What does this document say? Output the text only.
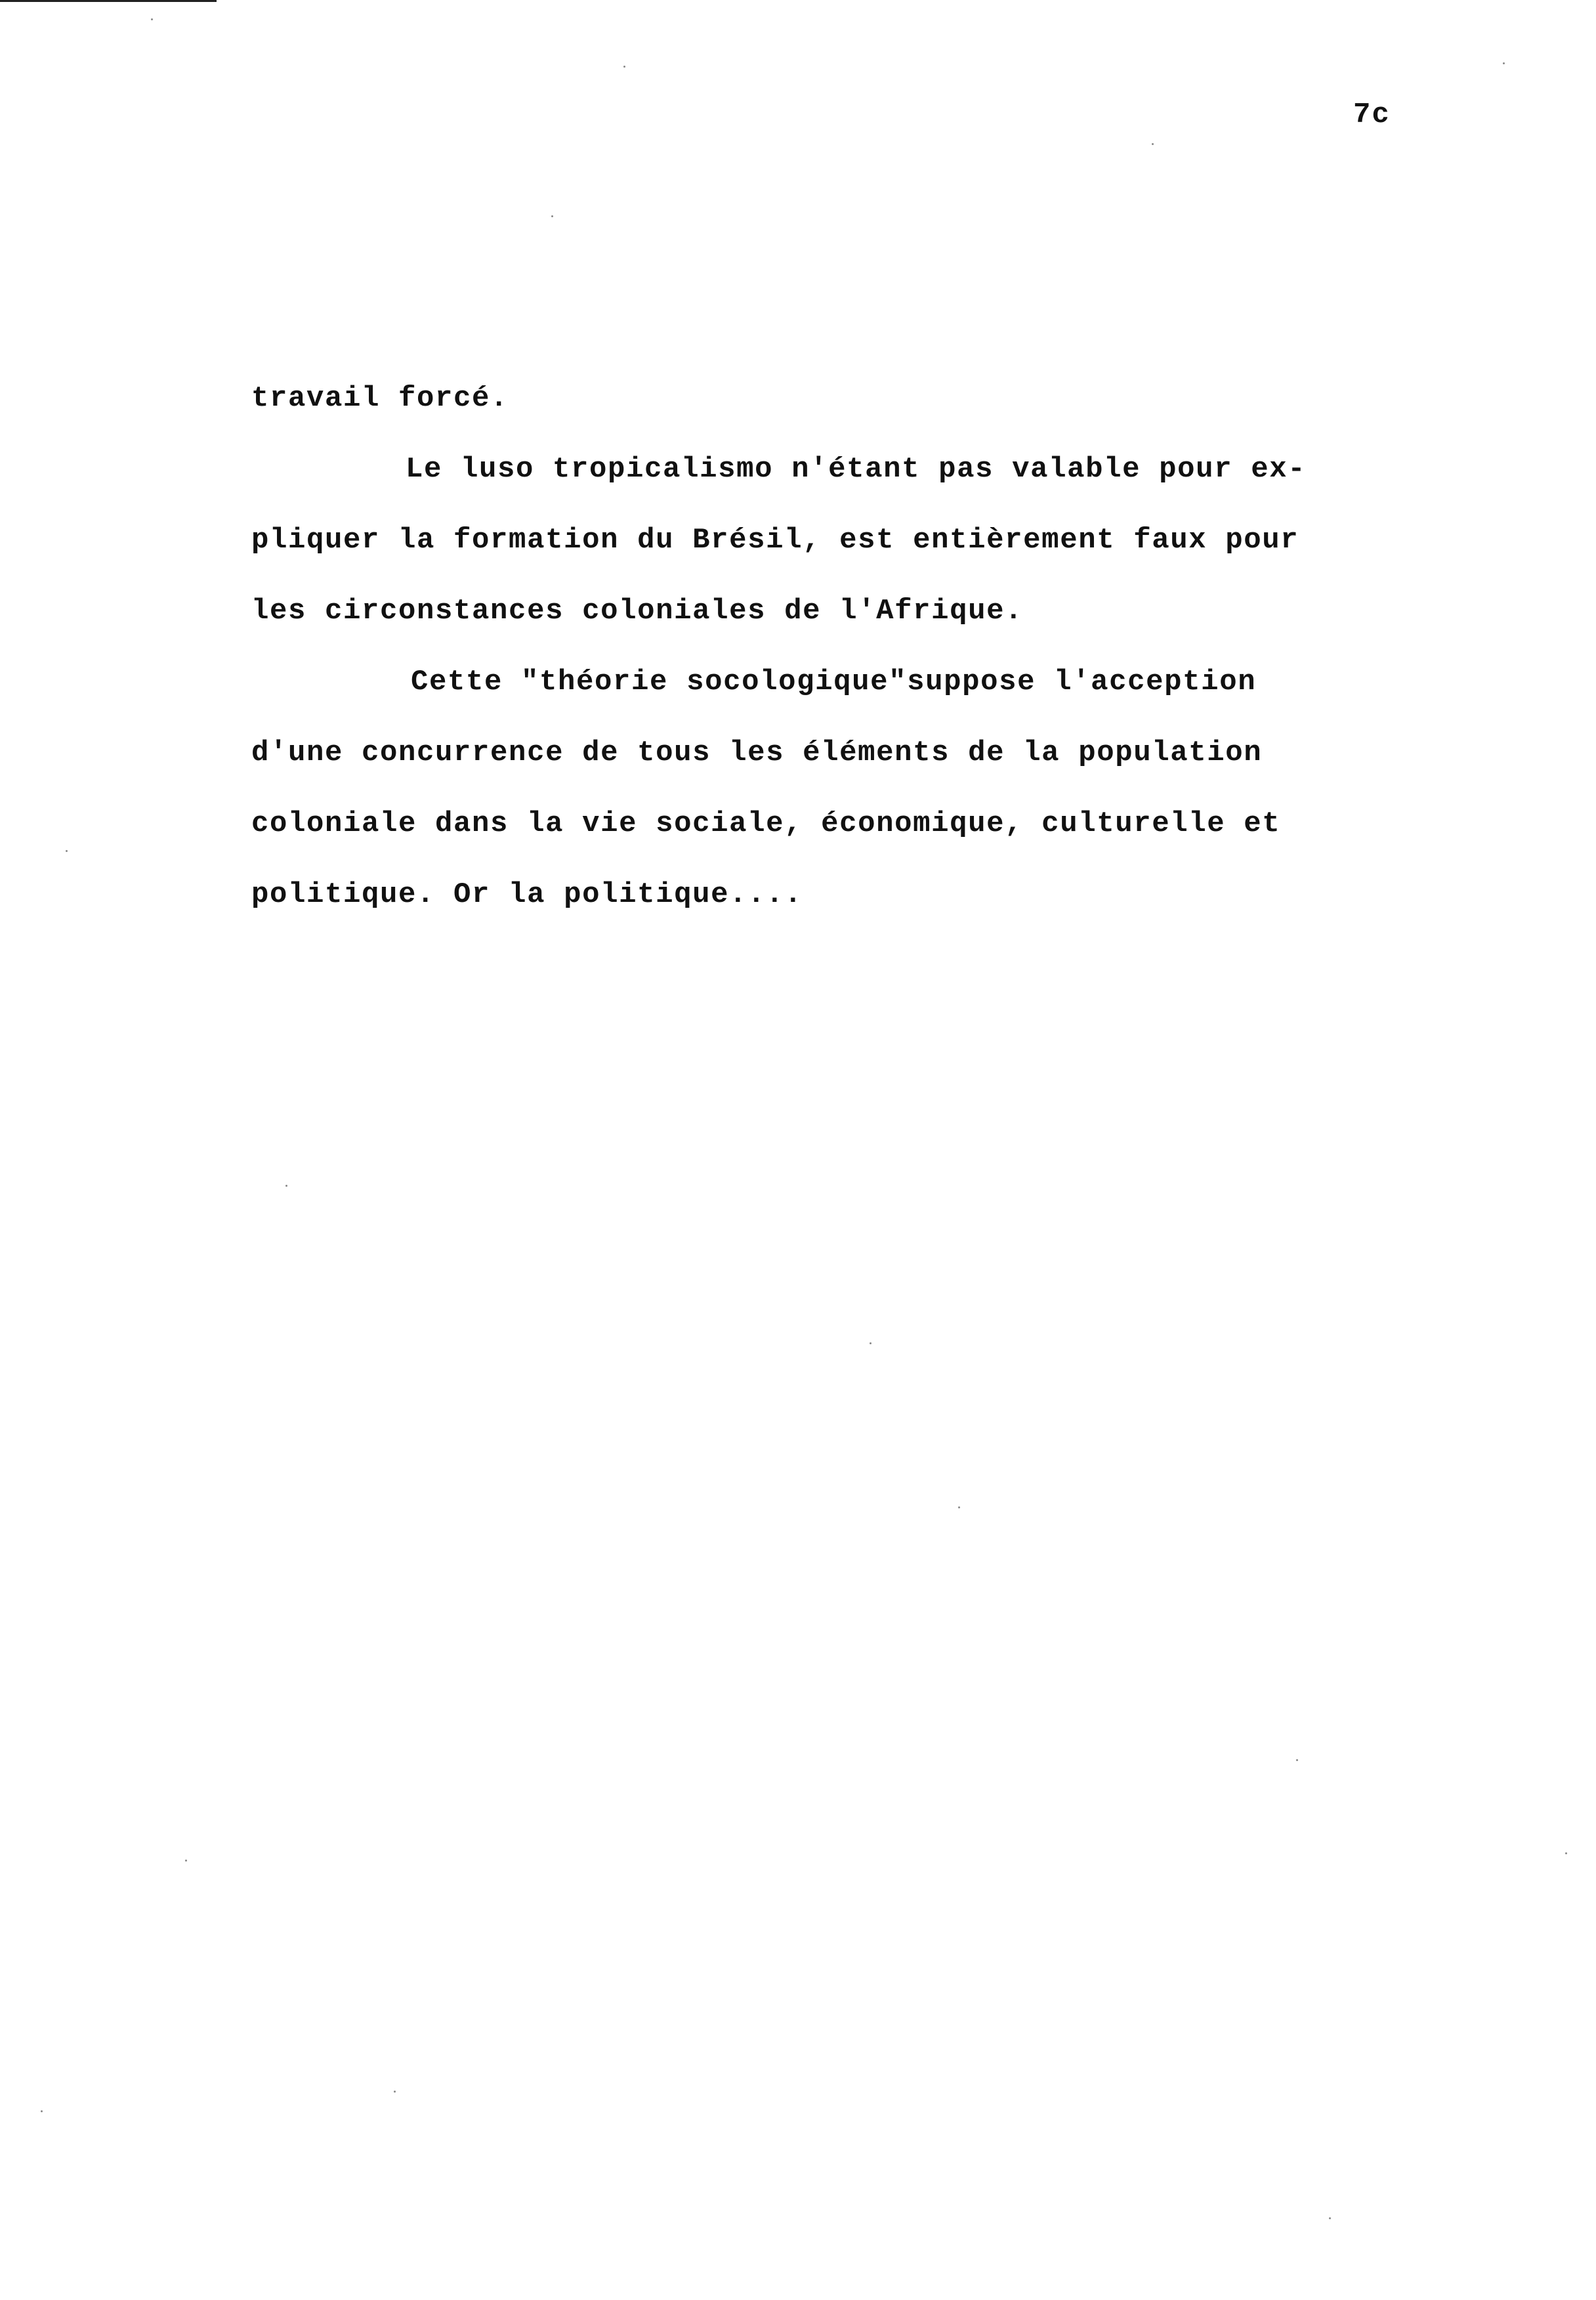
7c
travail forcé.
Le luso tropicalismo n'étant pas valable pour ex-
pliquer la formation du Brésil, est entièrement faux pour
les circonstances coloniales de l'Afrique.
Cette "théorie socologique"suppose l'acception
d'une concurrence de tous les éléments de la population
coloniale dans la vie sociale, économique, culturelle et
politique. Or la politique....
